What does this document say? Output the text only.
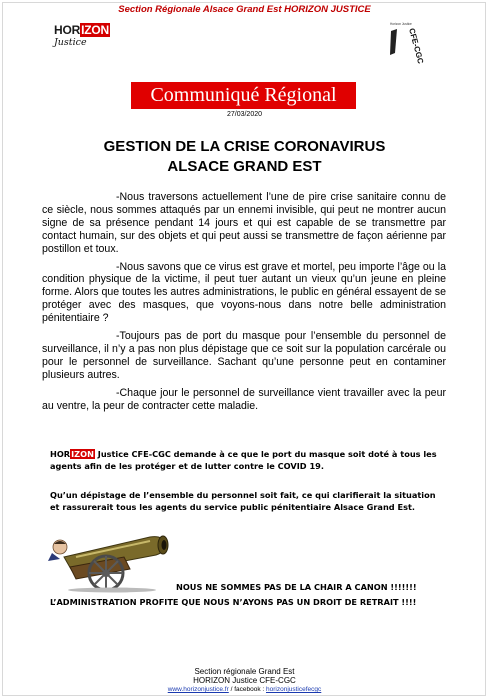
Section Régionale Alsace Grand Est HORIZON JUSTICE
HORIZON
Justice
Horizon Justice
CFE-CGC
Communiqué Régional
27/03/2020
GESTION DE LA CRISE CORONAVIRUS
ALSACE GRAND EST

-Nous traversons actuellement l’une de pire crise sanitaire connu de ce siècle, nous sommes attaqués par un ennemi invisible, qui peut ne montrer aucun signe de sa présence pendant 14 jours et qui est capable de se transmettre par contact humain, sur des objets et qui peut aussi se transmettre de façon aérienne par postillon et toux.

-Nous savons que ce virus est grave et mortel, peu importe l’âge ou la condition physique de la victime, il peut tuer autant un vieux qu’un jeune en pleine forme. Alors que toutes les autres administrations, le public en général essayent de se protéger avec des masques, que voyons-nous dans notre belle administration pénitentiaire ?

-Toujours pas de port du masque pour l’ensemble du personnel de surveillance, il n’y a pas non plus dépistage que ce soit sur la population carcérale ou pour le personnel de surveillance. Sachant qu’une personne peut en contaminer plusieurs autres.

-Chaque jour le personnel de surveillance vient travailler avec la peur au ventre, la peur de contracter cette maladie.

HORIZON Justice CFE-CGC demande à ce que le port du masque soit doté à tous les agents afin de les protéger et de lutter contre le COVID 19.
Qu’un dépistage de l’ensemble du personnel soit fait, ce qui clarifierait la situation et rassurerait tous les agents du service public pénitentiaire Alsace Grand Est.
NOUS NE SOMMES PAS DE LA CHAIR A CANON !!!!!!!
L’ADMINISTRATION PROFITE QUE NOUS N’AYONS PAS UN DROIT DE RETRAIT !!!!
Section régionale Grand Est
HORIZON Justice CFE-CGC
www.horizonjustice.fr / facebook : horizonjusticefecgc
